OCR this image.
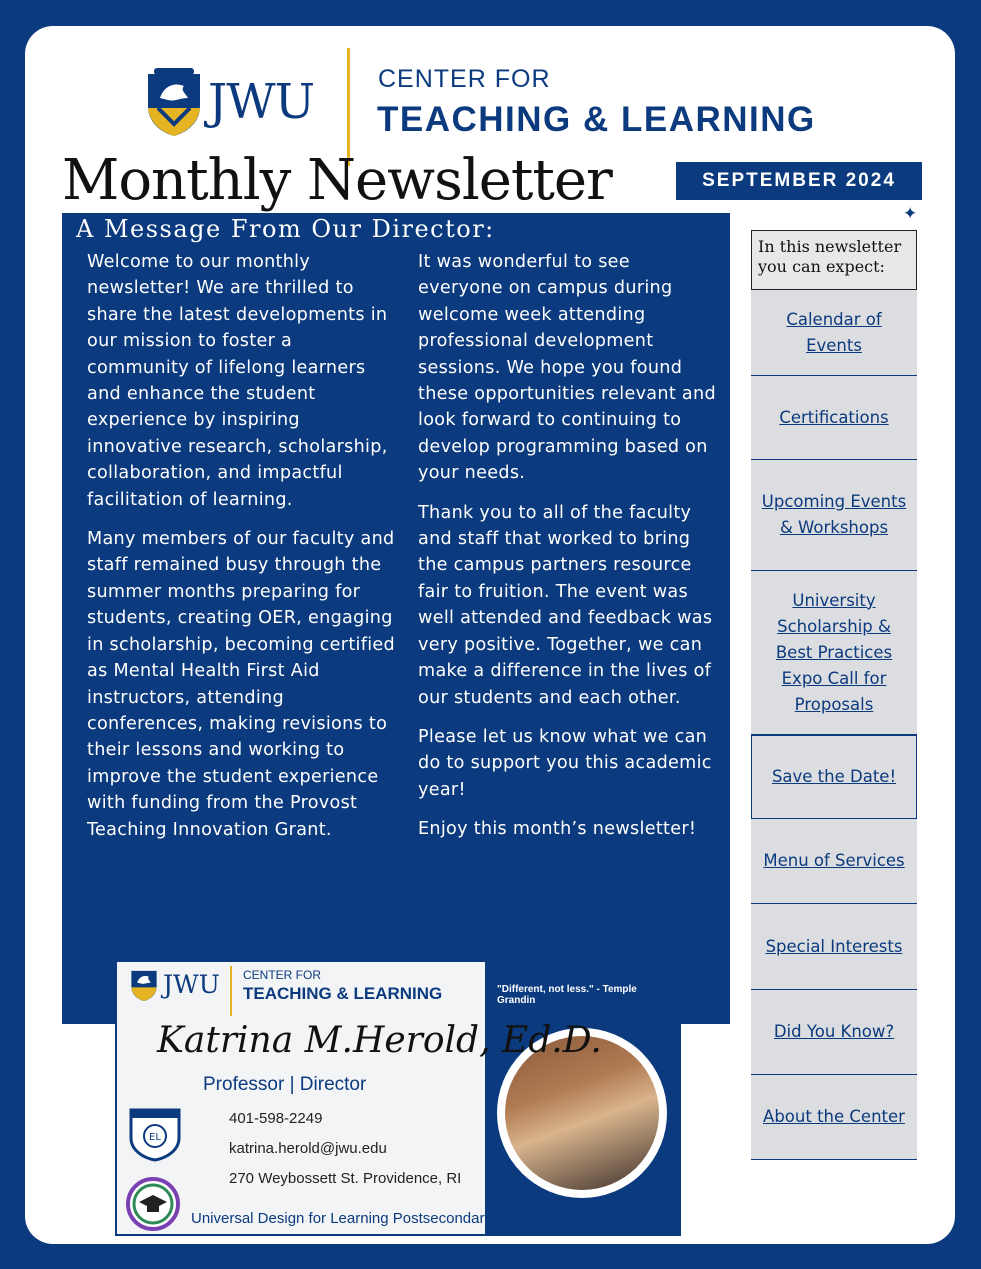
JWU	CENTER FOR
TEACHING & LEARNING
Monthly Newsletter	SEPTEMBER 2024
✦
A Message From Our Director:

Welcome to our monthly newsletter! We are thrilled to share the latest developments in our mission to foster a community of lifelong learners and enhance the student experience by inspiring innovative research, scholarship, collaboration, and impactful facilitation of learning.

Many members of our faculty and staff remained busy through the summer months preparing for students, creating OER, engaging in scholarship, becoming certified as Mental Health First Aid instructors, attending conferences, making revisions to their lessons and working to improve the student experience with funding from the Provost Teaching Innovation Grant.

It was wonderful to see everyone on campus during welcome week attending professional development sessions. We hope you found these opportunities relevant and look forward to continuing to develop programming based on your needs.

Thank you to all of the faculty and staff that worked to bring the campus partners resource fair to fruition. The event was well attended and feedback was very positive. Together, we can make a difference in the lives of our students and each other.

Please let us know what we can do to support you this academic year!

Enjoy this month’s newsletter!

JWU CENTER FOR
TEACHING & LEARNING	"Different, not less." - Temple Grandin
Katrina M.Herold, Ed.D.
Professor | Director
401-598-2249
katrina.herold@jwu.edu
270 Weybossett St. Providence, RI
EL
Universal Design for Learning Postsecondary Educator
In this newsletter you can expect:
Calendar of Events
Certifications
Upcoming Events & Workshops
University Scholarship & Best Practices Expo Call for Proposals
Save the Date!
Menu of Services
Special Interests
Did You Know?
About the Center
